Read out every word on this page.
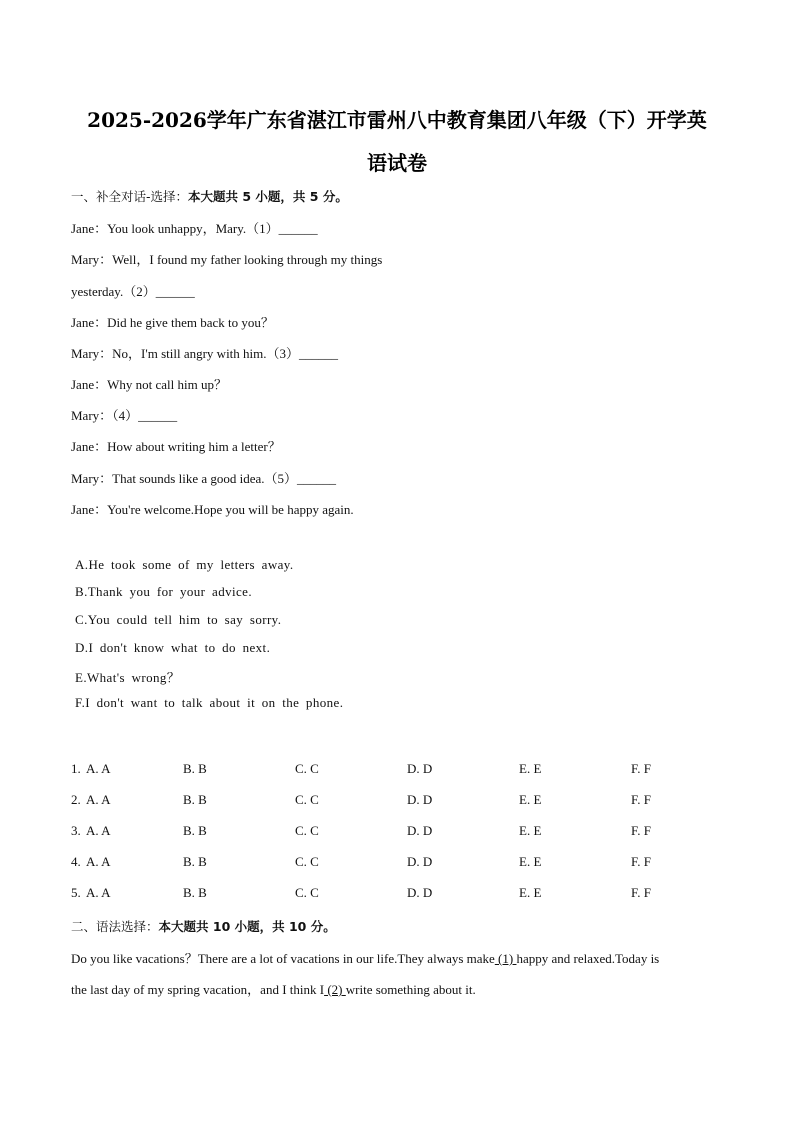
2025-2026学年广东省湛江市雷州八中教育集团八年级（下）开学英
语试卷
一、补全对话-选择：本大题共 5 小题，共 5 分。
Jane：You look unhappy，Mary.（1）______
Mary：Well，I found my father looking through my things
yesterday.（2）______
Jane：Did he give them back to you？
Mary：No，I'm still angry with him.（3）______
Jane：Why not call him up？
Mary：（4）______
Jane：How about writing him a letter？
Mary：That sounds like a good idea.（5）______
Jane：You're welcome.Hope you will be happy again.
A.He took some of my letters away.
B.Thank you for your advice.
C.You could tell him to say sorry.
D.I don't know what to do next.
E.What's wrong？
F.I don't want to talk about it on the phone.
1. A. A	B. B	C. C	D. D	E. E	F. F
2. A. A	B. B	C. C	D. D	E. E	F. F
3. A. A	B. B	C. C	D. D	E. E	F. F
4. A. A	B. B	C. C	D. D	E. E	F. F
5. A. A	B. B	C. C	D. D	E. E	F. F
二、语法选择：本大题共 10 小题，共 10 分。
Do you like vacations？There are a lot of vacations in our life.They always make (1) happy and relaxed.Today is
the last day of my spring vacation，and I think I (2) write something about it.
